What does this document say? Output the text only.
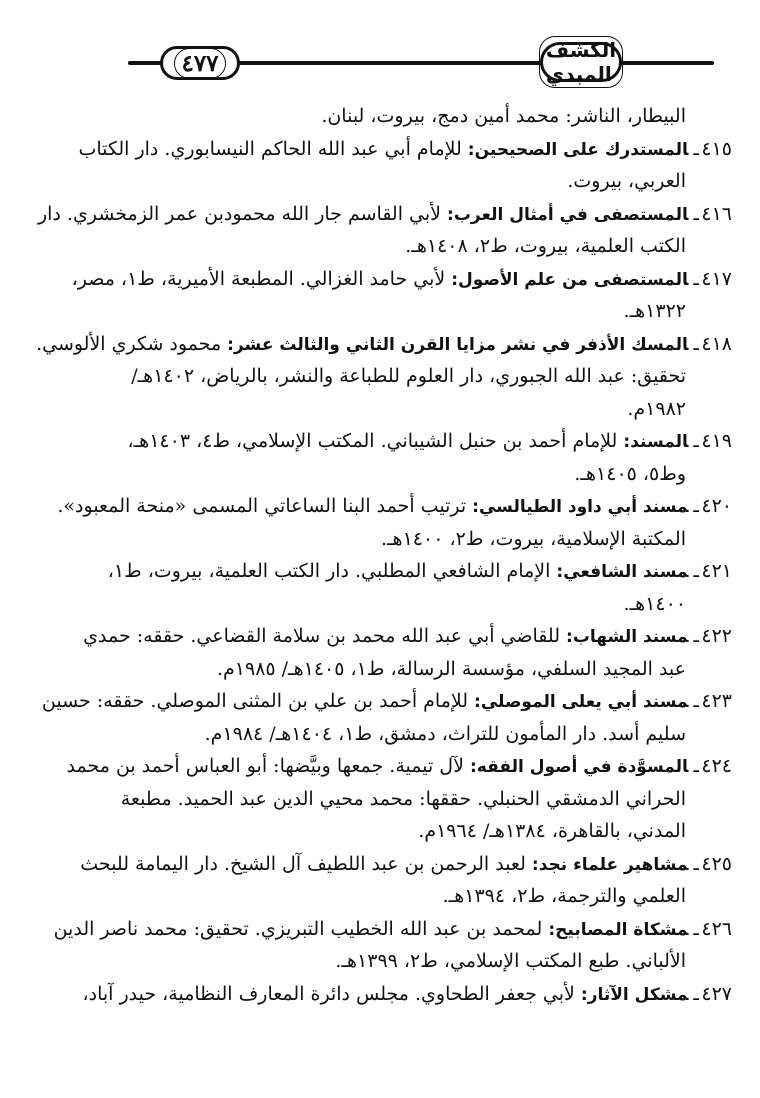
٤٧٧	الكشف المبدي
البيطار، الناشر: محمد أمين دمج، بيروت، لبنان.
٤١٥ـالمستدرك على الصحيحين: للإمام أبي عبد الله الحاكم النيسابوري. دار الكتاب
العربي، بيروت.
٤١٦ـالمستصفى في أمثال العرب: لأبي القاسم جار الله محمودبن عمر الزمخشري. دار
الكتب العلمية، بيروت، ط٢، ١٤٠٨هـ.
٤١٧ـالمستصفى من علم الأصول: لأبي حامد الغزالي. المطبعة الأميرية، ط١، مصر،
١٣٢٢هـ.
٤١٨ـالمسك الأذفر في نشر مزايا القرن الثاني والثالث عشر: محمود شكري الألوسي.
تحقيق: عبد الله الجبوري، دار العلوم للطباعة والنشر، بالرياض، ١٤٠٢هـ/
١٩٨٢م.
٤١٩ـالمسند: للإمام أحمد بن حنبل الشيباني. المكتب الإسلامي، ط٤، ١٤٠٣هـ،
وط٥، ١٤٠٥هـ.
٤٢٠ـمسند أبي داود الطيالسي: ترتيب أحمد البنا الساعاتي المسمى «منحة المعبود».
المكتبة الإسلامية، بيروت، ط٢، ١٤٠٠هـ.
٤٢١ـمسند الشافعي: الإمام الشافعي المطلبي. دار الكتب العلمية، بيروت، ط١،
١٤٠٠هـ.
٤٢٢ـمسند الشهاب: للقاضي أبي عبد الله محمد بن سلامة القضاعي. حققه: حمدي
عبد المجيد السلفي، مؤسسة الرسالة، ط١، ١٤٠٥هـ/ ١٩٨٥م.
٤٢٣ـمسند أبي يعلى الموصلي: للإمام أحمد بن علي بن المثنى الموصلي. حققه: حسين
سليم أسد. دار المأمون للتراث، دمشق، ط١، ١٤٠٤هـ/ ١٩٨٤م.
٤٢٤ـالمسوَّدة في أصول الفقه: لآل تيمية. جمعها وبيَّضها: أبو العباس أحمد بن محمد
الحراني الدمشقي الحنبلي. حققها: محمد محيي الدين عبد الحميد. مطبعة
المدني، بالقاهرة، ١٣٨٤هـ/ ١٩٦٤م.
٤٢٥ـمشاهير علماء نجد: لعبد الرحمن بن عبد اللطيف آل الشيخ. دار اليمامة للبحث
العلمي والترجمة، ط٢، ١٣٩٤هـ.
٤٢٦ـمشكاة المصابيح: لمحمد بن عبد الله الخطيب التبريزي. تحقيق: محمد ناصر الدين
الألباني. طبع المكتب الإسلامي، ط٢، ١٣٩٩هـ.
٤٢٧ـمشكل الآثار: لأبي جعفر الطحاوي. مجلس دائرة المعارف النظامية، حيدر آباد،
